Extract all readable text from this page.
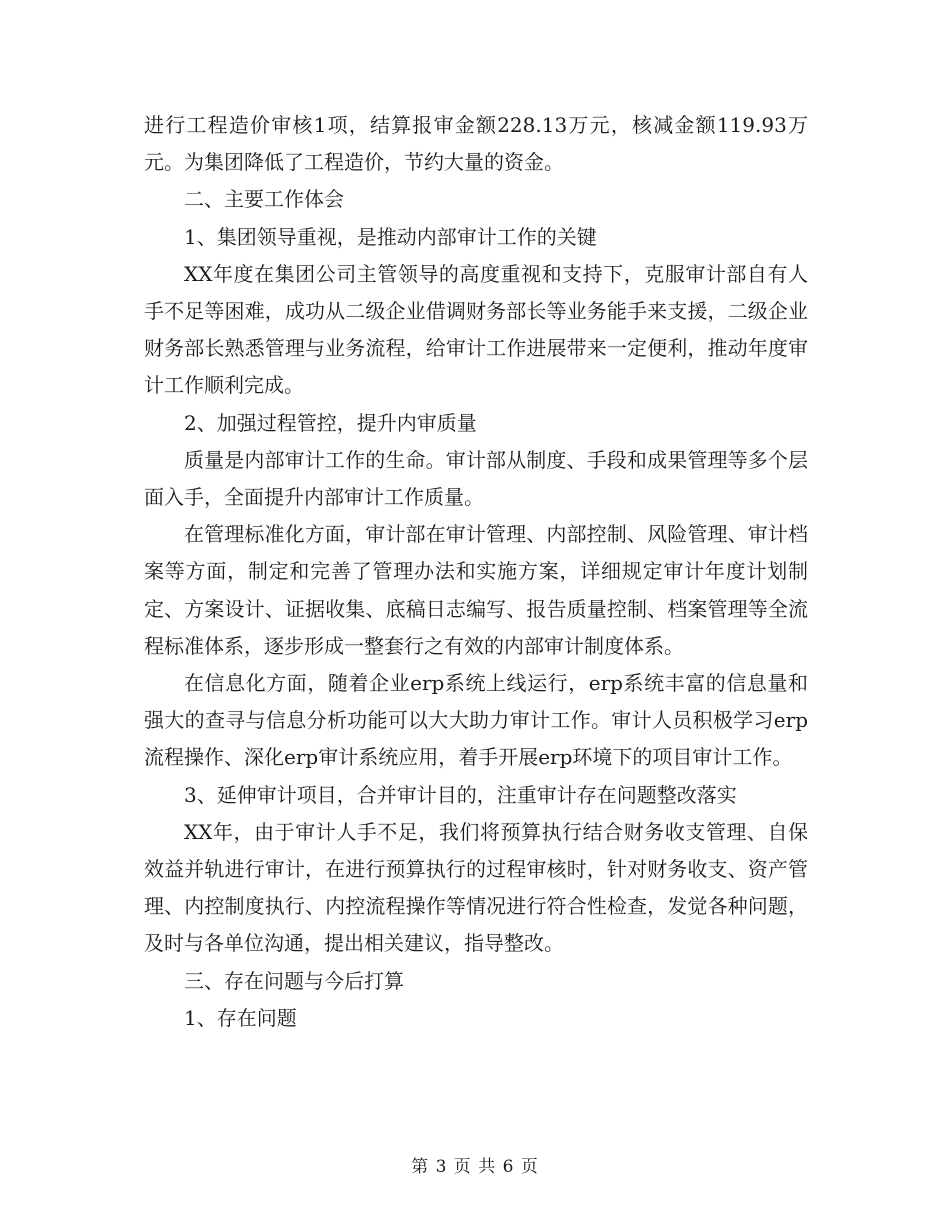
进行工程造价审核1项，结算报审金额228.13万元，核减金额119.93万元。为集团降低了工程造价，节约大量的资金。

二、主要工作体会

1、集团领导重视，是推动内部审计工作的关键

XX年度在集团公司主管领导的高度重视和支持下，克服审计部自有人手不足等困难，成功从二级企业借调财务部长等业务能手来支援，二级企业财务部长熟悉管理与业务流程，给审计工作进展带来一定便利，推动年度审计工作顺利完成。

2、加强过程管控，提升内审质量

质量是内部审计工作的生命。审计部从制度、手段和成果管理等多个层面入手，全面提升内部审计工作质量。

在管理标准化方面，审计部在审计管理、内部控制、风险管理、审计档案等方面，制定和完善了管理办法和实施方案，详细规定审计年度计划制定、方案设计、证据收集、底稿日志编写、报告质量控制、档案管理等全流程标准体系，逐步形成一整套行之有效的内部审计制度体系。

在信息化方面，随着企业erp系统上线运行，erp系统丰富的信息量和强大的查寻与信息分析功能可以大大助力审计工作。审计人员积极学习erp流程操作、深化erp审计系统应用，着手开展erp环境下的项目审计工作。

3、延伸审计项目，合并审计目的，注重审计存在问题整改落实

XX年，由于审计人手不足，我们将预算执行结合财务收支管理、自保效益并轨进行审计，在进行预算执行的过程审核时，针对财务收支、资产管理、内控制度执行、内控流程操作等情况进行符合性检查，发觉各种问题，及时与各单位沟通，提出相关建议，指导整改。

三、存在问题与今后打算

1、存在问题

第 3 页 共 6 页
